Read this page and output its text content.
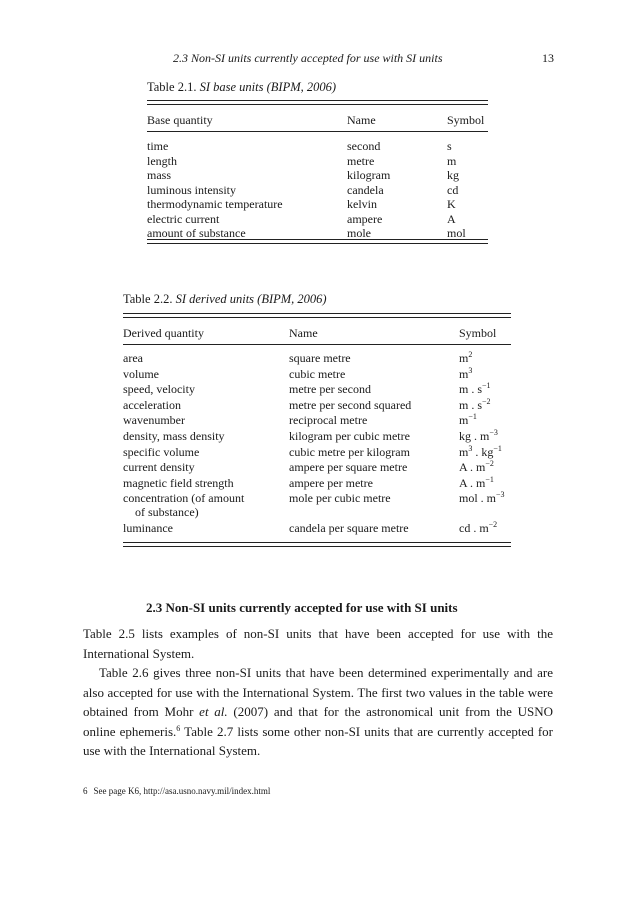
2.3 Non-SI units currently accepted for use with SI units	13
Table 2.1. SI base units (BIPM, 2006)
Base quantity	Name	Symbol
time	second	s
length	metre	m
mass	kilogram	kg
luminous intensity	candela	cd
thermodynamic temperature	kelvin	K
electric current	ampere	A
amount of substance	mole	mol
Table 2.2. SI derived units (BIPM, 2006)
Derived quantity	Name	Symbol
area	square metre	$m^2$
volume	cubic metre	$m^3$
speed, velocity	metre per second	m . $s^{-1}$
acceleration	metre per second squared	m . $s^{-2}$
wavenumber	reciprocal metre	$m^{-1}$
density, mass density	kilogram per cubic metre	kg . $m^{-3}$
specific volume	cubic metre per kilogram	$m^3$ . $kg^{-1}$
current density	ampere per square metre	A . $m^{-2}$
magnetic field strength	ampere per metre	A . $m^{-1}$
concentration (of amount	mole per cubic metre	mol . $m^{-3}$
of substance)
luminance	candela per square metre	cd . $m^{-2}$
2.3 Non-SI units currently accepted for use with SI units

Table 2.5 lists examples of non-SI units that have been accepted for use with the International System.

Table 2.6 gives three non-SI units that have been determined experimentally and are also accepted for use with the International System. The first two values in the table were obtained from Mohr et al. (2007) and that for the astronomical unit from the USNO online ephemeris.$^6$ Table 2.7 lists some other non-SI units that are currently accepted for use with the International System.

6 See page K6, http://asa.usno.navy.mil/index.html
